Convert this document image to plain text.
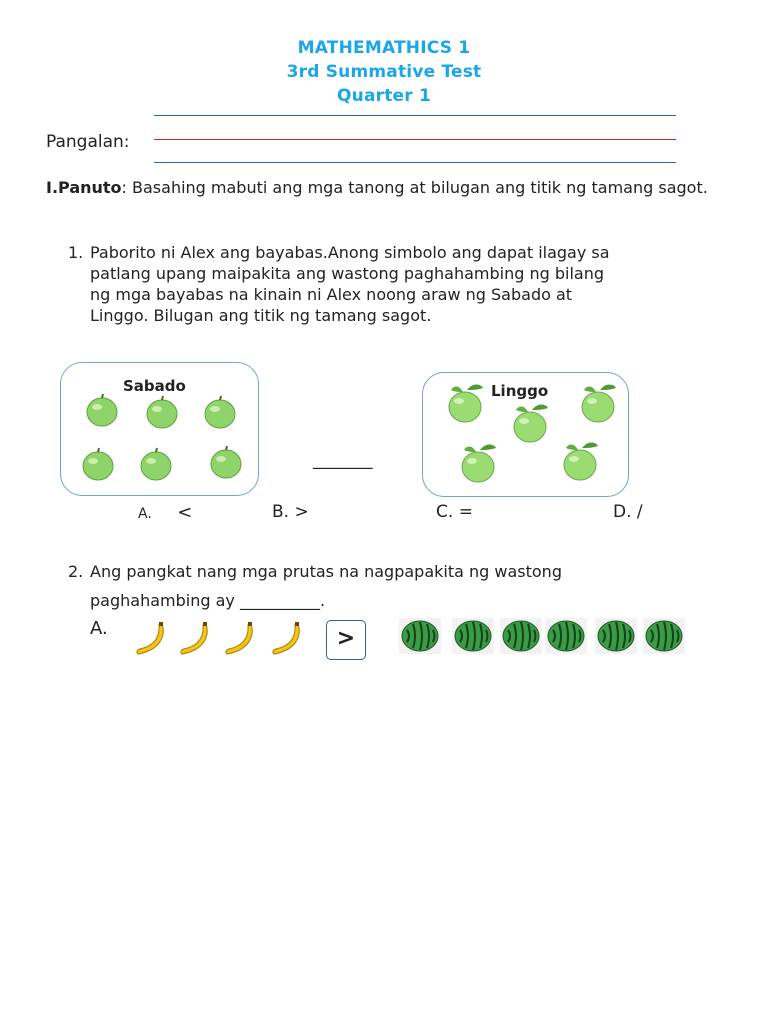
MATHEMATHICS 1
3rd Summative Test
Quarter 1
Pangalan:
I.Panuto: Basahing mabuti ang mga tanong at bilugan ang titik ng tamang sagot.
1. Paborito ni Alex ang bayabas.Anong simbolo ang dapat ilagay sa
patlang upang maipakita ang wastong paghahambing ng bilang
ng mga bayabas na kinain ni Alex noong araw ng Sabado at
Linggo. Bilugan ang titik ng tamang sagot.
Sabado
_______
Linggo
A. <	B. >	C. =	D. /
2. Ang pangkat nang mga prutas na nagpapakita ng wastong
paghahambing ay __________.
A.	>
